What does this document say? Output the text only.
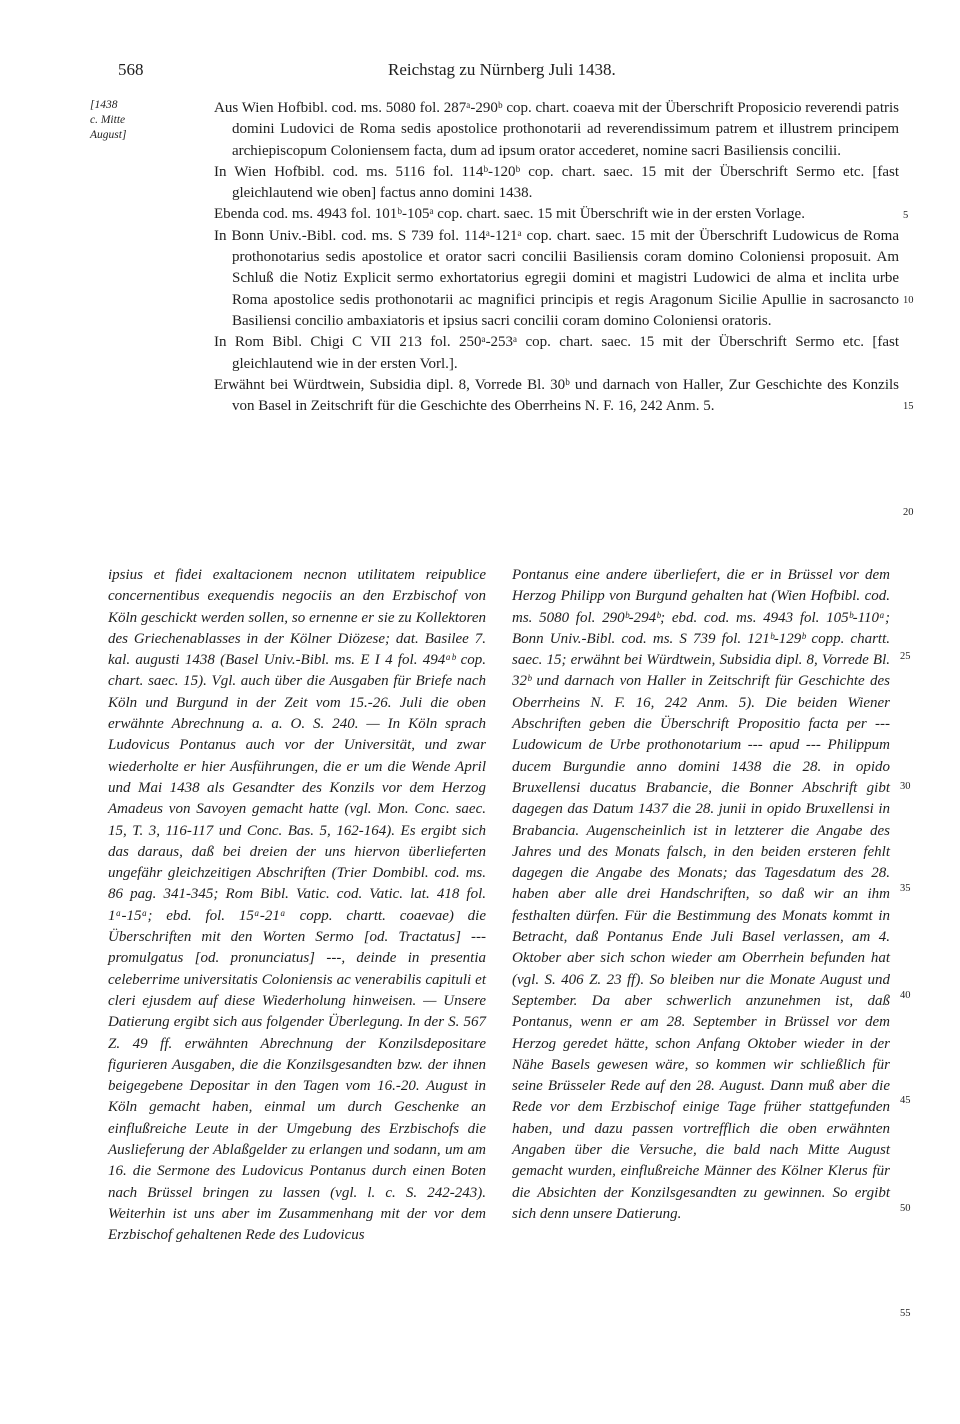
568	Reichstag zu Nürnberg Juli 1438.
[1438
c. Mitte
August]

Aus Wien Hofbibl. cod. ms. 5080 fol. 287ᵃ-290ᵇ cop. chart. coaeva mit der Überschrift Proposicio reverendi patris domini Ludovici de Roma sedis apostolice prothonotarii ad reverendissimum patrem et illustrem principem archiepiscopum Coloniensem facta, dum ad ipsum orator accederet, nomine sacri Basiliensis concilii.

In Wien Hofbibl. cod. ms. 5116 fol. 114ᵇ-120ᵇ cop. chart. saec. 15 mit der Überschrift Sermo etc. [fast gleichlautend wie oben] factus anno domini 1438.

Ebenda cod. ms. 4943 fol. 101ᵇ-105ᵃ cop. chart. saec. 15 mit Überschrift wie in der ersten Vorlage.

In Bonn Univ.-Bibl. cod. ms. S 739 fol. 114ᵃ-121ᵃ cop. chart. saec. 15 mit der Überschrift Ludowicus de Roma prothonotarius sedis apostolice et orator sacri concilii Basiliensis coram domino Coloniensi proposuit. Am Schluß die Notiz Explicit sermo exhortatorius egregii domini et magistri Ludowici de alma et inclita urbe Roma apostolice sedis prothonotarii ac magnifici principis et regis Aragonum Sicilie Apullie in sacrosancto Basiliensi concilio ambaxiatoris et ipsius sacri concilii coram domino Coloniensi oratoris.

In Rom Bibl. Chigi C VII 213 fol. 250ᵃ-253ᵃ cop. chart. saec. 15 mit der Überschrift Sermo etc. [fast gleichlautend wie in der ersten Vorl.].

Erwähnt bei Würdtwein, Subsidia dipl. 8, Vorrede Bl. 30ᵇ und darnach von Haller, Zur Geschichte des Konzils von Basel in Zeitschrift für die Geschichte des Oberrheins N. F. 16, 242 Anm. 5.

5
10
15
20

ipsius et fidei exaltacionem necnon utilitatem reipublice concernentibus exequendis negociis an den Erzbischof von Köln geschickt werden sollen, so ernenne er sie zu Kollektoren des Griechenablasses in der Kölner Diözese; dat. Basilee 7. kal. augusti 1438 (Basel Univ.-Bibl. ms. E I 4 fol. 494ᵃᵇ cop. chart. saec. 15). Vgl. auch über die Ausgaben für Briefe nach Köln und Burgund in der Zeit vom 15.-26. Juli die oben erwähnte Abrechnung a. a. O. S. 240. — In Köln sprach Ludovicus Pontanus auch vor der Universität, und zwar wiederholte er hier Ausführungen, die er um die Wende April und Mai 1438 als Gesandter des Konzils vor dem Herzog Amadeus von Savoyen gemacht hatte (vgl. Mon. Conc. saec. 15, T. 3, 116-117 und Conc. Bas. 5, 162-164). Es ergibt sich das daraus, daß bei dreien der uns hiervon überlieferten ungefähr gleichzeitigen Abschriften (Trier Dombibl. cod. ms. 86 pag. 341-345; Rom Bibl. Vatic. cod. Vatic. lat. 418 fol. 1ᵃ-15ᵃ; ebd. fol. 15ᵃ-21ᵃ copp. chartt. coaevae) die Überschriften mit den Worten Sermo [od. Tractatus] --- promulgatus [od. pronunciatus] ---, deinde in presentia celeberrime universitatis Coloniensis ac venerabilis capituli et cleri ejusdem auf diese Wiederholung hinweisen. — Unsere Datierung ergibt sich aus folgender Überlegung. In der S. 567 Z. 49 ff. erwähnten Abrechnung der Konzilsdepositare figurieren Ausgaben, die die Konzilsgesandten bzw. der ihnen beigegebene Depositar in den Tagen vom 16.-20. August in Köln gemacht haben, einmal um durch Geschenke an einflußreiche Leute in der Umgebung des Erzbischofs die Auslieferung der Ablaßgelder zu erlangen und sodann, um am 16. die Sermone des Ludovicus Pontanus durch einen Boten nach Brüssel bringen zu lassen (vgl. l. c. S. 242-243). Weiterhin ist uns aber im Zusammenhang mit der vor dem Erzbischof gehaltenen Rede des Ludovicus

Pontanus eine andere überliefert, die er in Brüssel vor dem Herzog Philipp von Burgund gehalten hat (Wien Hofbibl. cod. ms. 5080 fol. 290ᵇ-294ᵇ; ebd. cod. ms. 4943 fol. 105ᵇ-110ᵃ; Bonn Univ.-Bibl. cod. ms. S 739 fol. 121ᵇ-129ᵇ copp. chartt. saec. 15; erwähnt bei Würdtwein, Subsidia dipl. 8, Vorrede Bl. 32ᵇ und darnach von Haller in Zeitschrift für Geschichte des Oberrheins N. F. 16, 242 Anm. 5). Die beiden Wiener Abschriften geben die Überschrift Propositio facta per --- Ludowicum de Urbe prothonotarium --- apud --- Philippum ducem Burgundie anno domini 1438 die 28. in opido Bruxellensi ducatus Brabancie, die Bonner Abschrift gibt dagegen das Datum 1437 die 28. junii in opido Bruxellensi in Brabancia. Augenscheinlich ist in letzterer die Angabe des Jahres und des Monats falsch, in den beiden ersteren fehlt dagegen die Angabe des Monats; das Tagesdatum des 28. haben aber alle drei Handschriften, so daß wir an ihm festhalten dürfen. Für die Bestimmung des Monats kommt in Betracht, daß Pontanus Ende Juli Basel verlassen, am 4. Oktober aber sich schon wieder am Oberrhein befunden hat (vgl. S. 406 Z. 23 ff). So bleiben nur die Monate August und September. Da aber schwerlich anzunehmen ist, daß Pontanus, wenn er am 28. September in Brüssel vor dem Herzog geredet hätte, schon Anfang Oktober wieder in der Nähe Basels gewesen wäre, so kommen wir schließlich für seine Brüsseler Rede auf den 28. August. Dann muß aber die Rede vor dem Erzbischof einige Tage früher stattgefunden haben, und dazu passen vortrefflich die oben erwähnten Angaben über die Versuche, die bald nach Mitte August gemacht wurden, einflußreiche Männer des Kölner Klerus für die Absichten der Konzilsgesandten zu gewinnen. So ergibt sich denn unsere Datierung.

25
30
35
40
45
50
55
